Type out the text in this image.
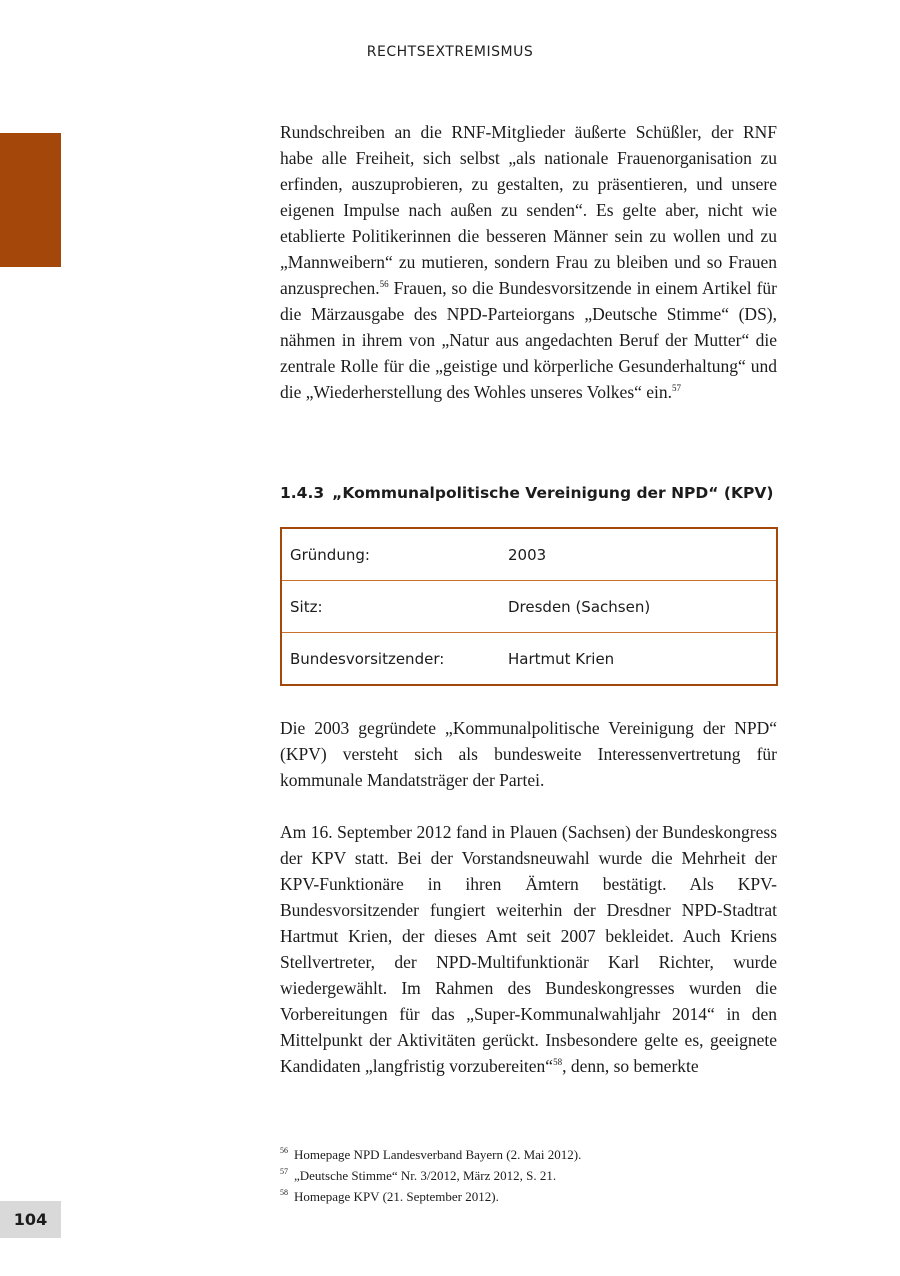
RECHTSEXTREMISMUS

Rundschreiben an die RNF-Mitglieder äußerte Schüßler, der RNF habe alle Freiheit, sich selbst „als nationale Frauenorganisation zu erfinden, auszuprobieren, zu gestalten, zu präsentieren, und unsere eigenen Impulse nach außen zu senden“. Es gelte aber, nicht wie etablierte Politikerinnen die besseren Männer sein zu wollen und zu „Mannweibern“ zu mutieren, sondern Frau zu bleiben und so Frauen anzusprechen.$^{56}$ Frauen, so die Bundesvorsitzende in einem Artikel für die Märzausgabe des NPD-Parteiorgans „Deutsche Stimme“ (DS), nähmen in ihrem von „Natur aus angedachten Beruf der Mutter“ die zentrale Rolle für die „geistige und körperliche Gesunderhaltung“ und die „Wiederherstellung des Wohles unseres Volkes“ ein.$^{57}$

1.4.3 „Kommunalpolitische Vereinigung der NPD“ (KPV)
Gründung:	2003
Sitz:	Dresden (Sachsen)
Bundesvorsitzender:	Hartmut Krien

Die 2003 gegründete „Kommunalpolitische Vereinigung der NPD“ (KPV) versteht sich als bundesweite Interessenvertretung für kommunale Mandatsträger der Partei.

Am 16. September 2012 fand in Plauen (Sachsen) der Bundeskongress der KPV statt. Bei der Vorstandsneuwahl wurde die Mehrheit der KPV-Funktionäre in ihren Ämtern bestätigt. Als KPV-Bundesvorsitzender fungiert weiterhin der Dresdner NPD-Stadtrat Hartmut Krien, der dieses Amt seit 2007 bekleidet. Auch Kriens Stellvertreter, der NPD-Multifunktionär Karl Richter, wurde wiedergewählt. Im Rahmen des Bundeskongresses wurden die Vorbereitungen für das „Super-Kommunalwahljahr 2014“ in den Mittelpunkt der Aktivitäten gerückt. Insbesondere gelte es, geeignete Kandidaten „langfristig vorzubereiten“$^{58}$, denn, so bemerkte

56 Homepage NPD Landesverband Bayern (2. Mai 2012).
57 „Deutsche Stimme“ Nr. 3/2012, März 2012, S. 21.
58 Homepage KPV (21. September 2012).
104
